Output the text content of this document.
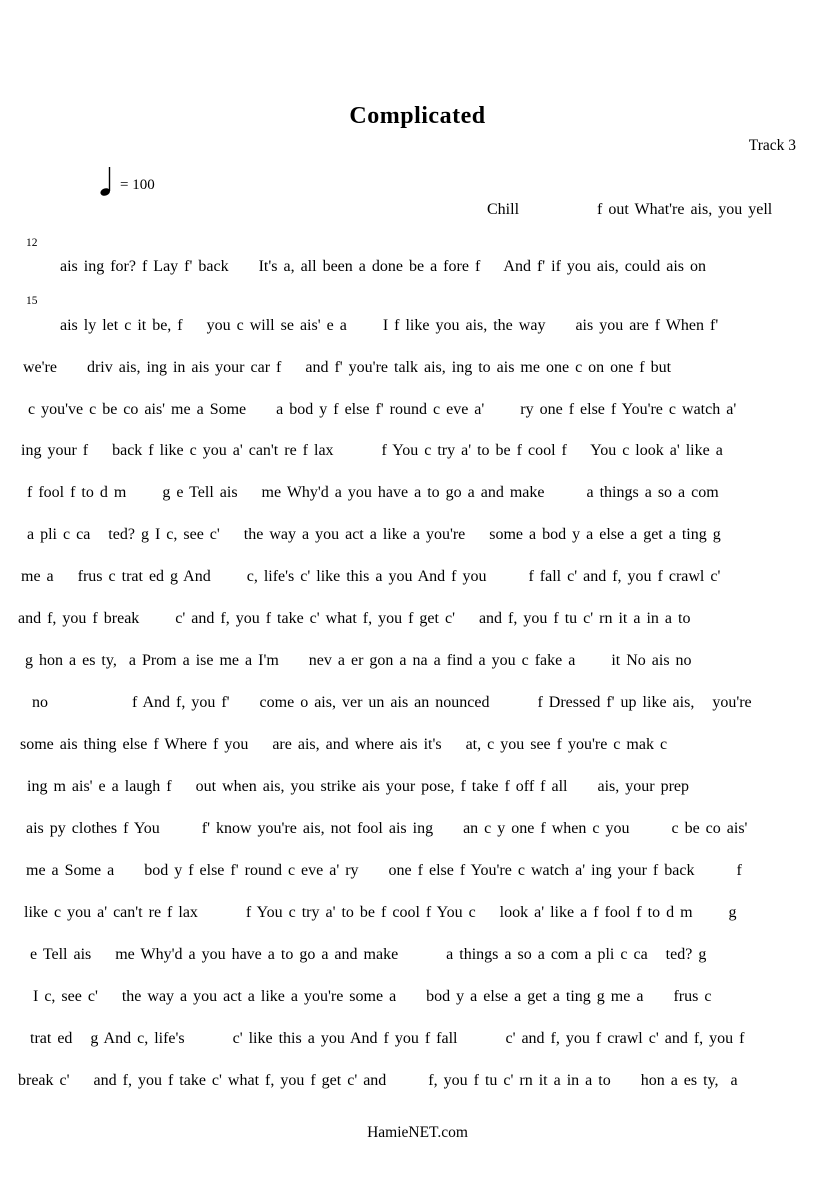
Complicated
Track 3
= 100
Chill             f out What're ais, you yell
12
ais ing for? f Lay f' back     It's a, all been a done be a fore f    And f' if you ais, could ais on
15
ais ly let c it be, f    you c will se ais' e a      I f like you ais, the way     ais you are f When f'
we're     driv ais, ing in ais your car f    and f' you're talk ais, ing to ais me one c on one f but
c you've c be co ais' me a Some     a bod y f else f' round c eve a'      ry one f else f You're c watch a'
ing your f    back f like c you a' can't re f lax        f You c try a' to be f cool f    You c look a' like a
f fool f to d m      g e Tell ais    me Why'd a you have a to go a and make       a things a so a com
a pli c ca   ted? g I c, see c'    the way a you act a like a you're    some a bod y a else a get a ting g
me a    frus c trat ed g And      c, life's c' like this a you And f you       f fall c' and f, you f crawl c'
and f, you f break      c' and f, you f take c' what f, you f get c'    and f, you f tu c' rn it a in a to
g hon a es ty,  a Prom a ise me a I'm     nev a er gon a na a find a you c fake a      it No ais no
no              f And f, you f'     come o ais, ver un ais an nounced        f Dressed f' up like ais,   you're
some ais thing else f Where f you    are ais, and where ais it's    at, c you see f you're c mak c
ing m ais' e a laugh f    out when ais, you strike ais your pose, f take f off f all     ais, your prep
ais py clothes f You       f' know you're ais, not fool ais ing     an c y one f when c you       c be co ais'
me a Some a     bod y f else f' round c eve a' ry     one f else f You're c watch a' ing your f back       f
like c you a' can't re f lax        f You c try a' to be f cool f You c    look a' like a f fool f to d m      g
e Tell ais    me Why'd a you have a to go a and make        a things a so a com a pli c ca   ted? g
I c, see c'    the way a you act a like a you're some a     bod y a else a get a ting g me a     frus c
trat ed   g And c, life's        c' like this a you And f you f fall        c' and f, you f crawl c' and f, you f
break c'    and f, you f take c' what f, you f get c' and       f, you f tu c' rn it a in a to     hon a es ty,  a
HamieNET.com
